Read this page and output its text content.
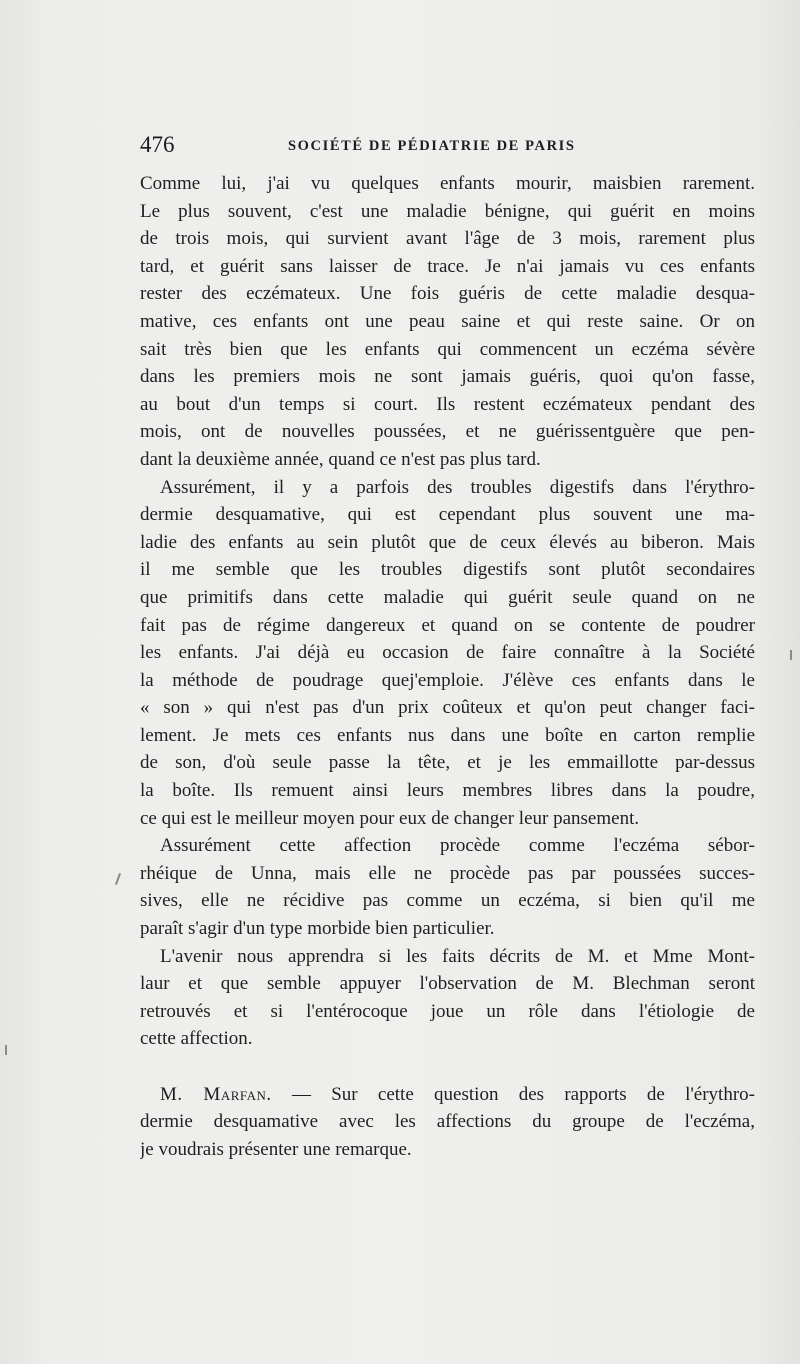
476	SOCIÉTÉ DE PÉDIATRIE DE PARIS
Comme lui, j'ai vu quelques enfants mourir, maisbien rarement.
Le plus souvent, c'est une maladie bénigne, qui guérit en moins
de trois mois, qui survient avant l'âge de 3 mois, rarement plus
tard, et guérit sans laisser de trace. Je n'ai jamais vu ces enfants
rester des eczémateux. Une fois guéris de cette maladie desqua-
mative, ces enfants ont une peau saine et qui reste saine. Or on
sait très bien que les enfants qui commencent un eczéma sévère
dans les premiers mois ne sont jamais guéris, quoi qu'on fasse,
au bout d'un temps si court. Ils restent eczémateux pendant des
mois, ont de nouvelles poussées, et ne guérissentguère que pen-
dant la deuxième année, quand ce n'est pas plus tard.
Assurément, il y a parfois des troubles digestifs dans l'érythro-
dermie desquamative, qui est cependant plus souvent une ma-
ladie des enfants au sein plutôt que de ceux élevés au biberon. Mais
il me semble que les troubles digestifs sont plutôt secondaires
que primitifs dans cette maladie qui guérit seule quand on ne
fait pas de régime dangereux et quand on se contente de poudrer
les enfants. J'ai déjà eu occasion de faire connaître à la Société
la méthode de poudrage quej'emploie. J'élève ces enfants dans le
« son » qui n'est pas d'un prix coûteux et qu'on peut changer faci-
lement. Je mets ces enfants nus dans une boîte en carton remplie
de son, d'où seule passe la tête, et je les emmaillotte par-dessus
la boîte. Ils remuent ainsi leurs membres libres dans la poudre,
ce qui est le meilleur moyen pour eux de changer leur pansement.
Assurément cette affection procède comme l'eczéma sébor-
rhéique de Unna, mais elle ne procède pas par poussées succes-
sives, elle ne récidive pas comme un eczéma, si bien qu'il me
paraît s'agir d'un type morbide bien particulier.
L'avenir nous apprendra si les faits décrits de M. et Mme Mont-
laur et que semble appuyer l'observation de M. Blechman seront
retrouvés et si l'entérocoque joue un rôle dans l'étiologie de
cette affection.
M. Marfan. — Sur cette question des rapports de l'érythro-
dermie desquamative avec les affections du groupe de l'eczéma,
je voudrais présenter une remarque.
